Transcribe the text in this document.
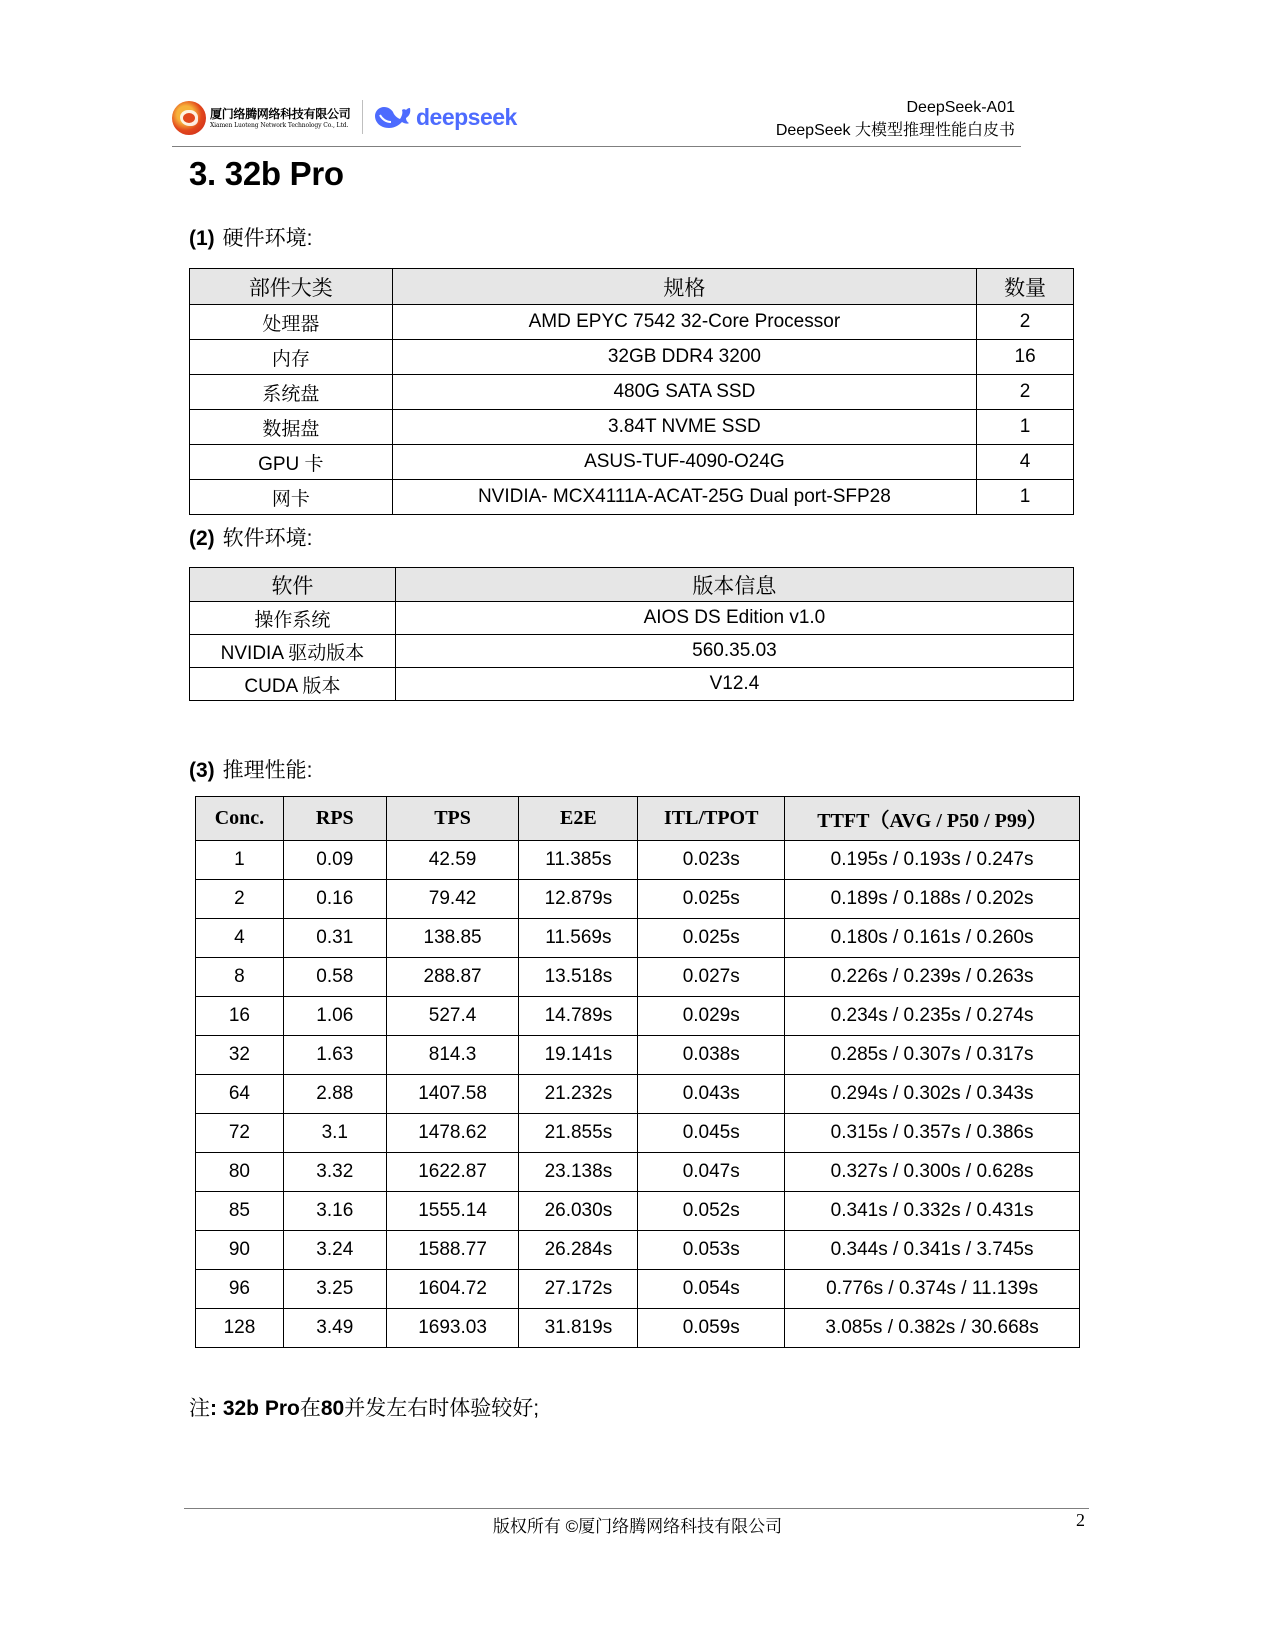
厦门络腾网络科技有限公司
Xiamen Luoteng Network Technology Co., Ltd.	deepseek	DeepSeek-A01
DeepSeek 大模型推理性能白皮书
3. 32b Pro
(1) 硬件环境:
部件大类	规格	数量
处理器	AMD EPYC 7542 32-Core Processor	2
内存	32GB DDR4 3200	16
系统盘	480G SATA SSD	2
数据盘	3.84T NVME SSD	1
GPU 卡	ASUS-TUF-4090-O24G	4
网卡	NVIDIA- MCX4111A-ACAT-25G Dual port-SFP28	1
(2) 软件环境:
软件	版本信息
操作系统	AIOS DS Edition v1.0
NVIDIA 驱动版本	560.35.03
CUDA 版本	V12.4
(3) 推理性能:
Conc.	RPS	TPS	E2E	ITL/TPOT	TTFT（AVG / P50 / P99）
1	0.09	42.59	11.385s	0.023s	0.195s / 0.193s / 0.247s
2	0.16	79.42	12.879s	0.025s	0.189s / 0.188s / 0.202s
4	0.31	138.85	11.569s	0.025s	0.180s / 0.161s / 0.260s
8	0.58	288.87	13.518s	0.027s	0.226s / 0.239s / 0.263s
16	1.06	527.4	14.789s	0.029s	0.234s / 0.235s / 0.274s
32	1.63	814.3	19.141s	0.038s	0.285s / 0.307s / 0.317s
64	2.88	1407.58	21.232s	0.043s	0.294s / 0.302s / 0.343s
72	3.1	1478.62	21.855s	0.045s	0.315s / 0.357s / 0.386s
80	3.32	1622.87	23.138s	0.047s	0.327s / 0.300s / 0.628s
85	3.16	1555.14	26.030s	0.052s	0.341s / 0.332s / 0.431s
90	3.24	1588.77	26.284s	0.053s	0.344s / 0.341s / 3.745s
96	3.25	1604.72	27.172s	0.054s	0.776s / 0.374s / 11.139s
128	3.49	1693.03	31.819s	0.059s	3.085s / 0.382s / 30.668s
注: 32b Pro在80并发左右时体验较好;
版权所有 ©厦门络腾网络科技有限公司	2
